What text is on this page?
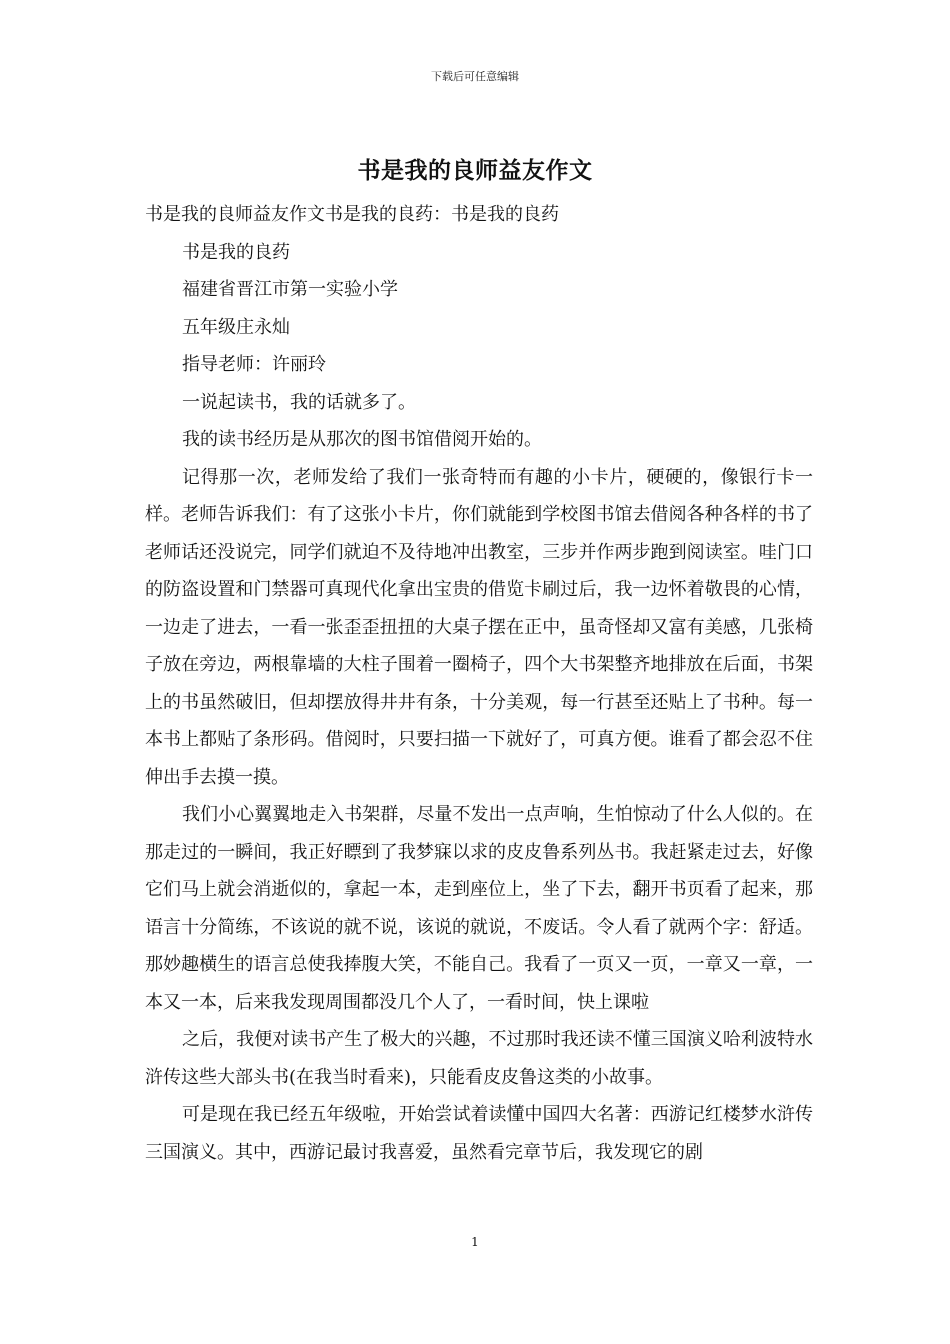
下载后可任意编辑
书是我的良师益友作文

书是我的良师益友作文书是我的良药：书是我的良药

书是我的良药

福建省晋江市第一实验小学

五年级庄永灿

指导老师：许丽玲

一说起读书，我的话就多了。

我的读书经历是从那次的图书馆借阅开始的。

记得那一次，老师发给了我们一张奇特而有趣的小卡片，硬硬的，像银行卡一样。老师告诉我们：有了这张小卡片，你们就能到学校图书馆去借阅各种各样的书了老师话还没说完，同学们就迫不及待地冲出教室，三步并作两步跑到阅读室。哇门口的防盗设置和门禁器可真现代化拿出宝贵的借览卡刷过后，我一边怀着敬畏的心情，一边走了进去，一看一张歪歪扭扭的大桌子摆在正中，虽奇怪却又富有美感，几张椅子放在旁边，两根靠墙的大柱子围着一圈椅子，四个大书架整齐地排放在后面，书架上的书虽然破旧，但却摆放得井井有条，十分美观，每一行甚至还贴上了书种。每一本书上都贴了条形码。借阅时，只要扫描一下就好了，可真方便。谁看了都会忍不住伸出手去摸一摸。

我们小心翼翼地走入书架群，尽量不发出一点声响，生怕惊动了什么人似的。在那走过的一瞬间，我正好瞟到了我梦寐以求的皮皮鲁系列丛书。我赶紧走过去，好像它们马上就会消逝似的，拿起一本，走到座位上，坐了下去，翻开书页看了起来，那语言十分简练，不该说的就不说，该说的就说，不废话。令人看了就两个字：舒适。那妙趣横生的语言总使我捧腹大笑，不能自己。我看了一页又一页，一章又一章，一本又一本，后来我发现周围都没几个人了，一看时间，快上课啦

之后，我便对读书产生了极大的兴趣，不过那时我还读不懂三国演义哈利波特水浒传这些大部头书(在我当时看来)，只能看皮皮鲁这类的小故事。

可是现在我已经五年级啦，开始尝试着读懂中国四大名著：西游记红楼梦水浒传三国演义。其中，西游记最讨我喜爱，虽然看完章节后，我发现它的剧

1
